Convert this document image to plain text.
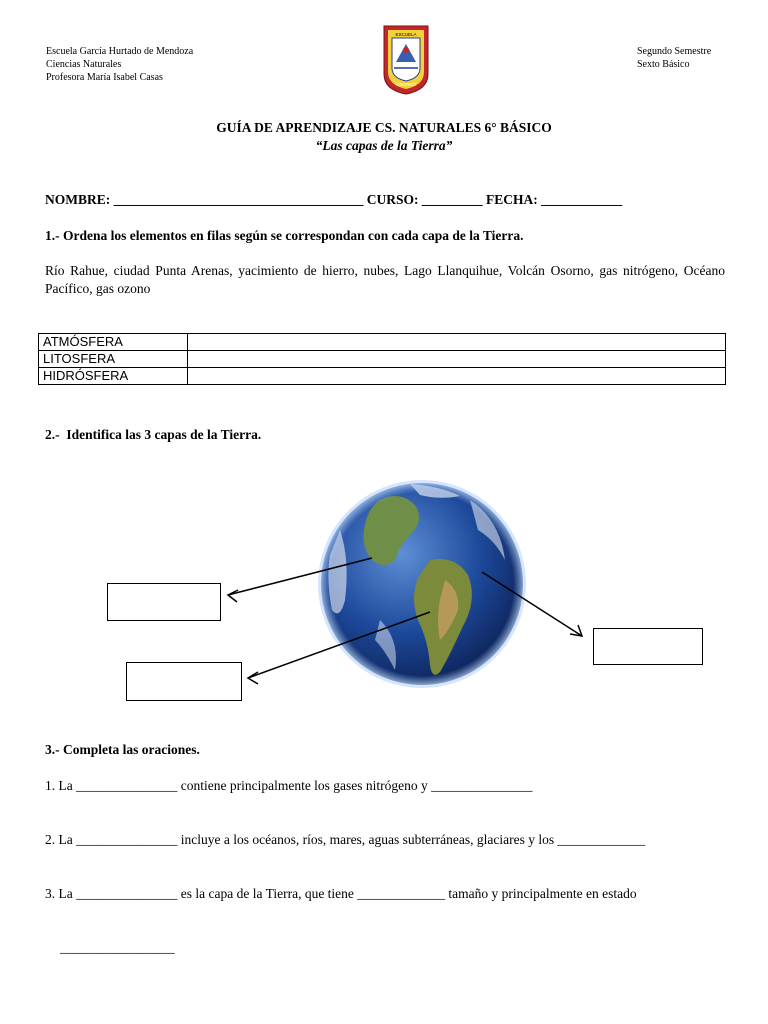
Escuela García Hurtado de Mendoza
Ciencias Naturales
Profesora María Isabel Casas
ESCUELA
OSORNO
Segundo Semestre
Sexto Básico
GUÍA DE APRENDIZAJE CS. NATURALES 6° BÁSICO
“Las capas de la Tierra”
NOMBRE: _____________________________________ CURSO: _________ FECHA: ____________
1.- Ordena los elementos en filas según se correspondan con cada capa de la Tierra.
Río Rahue, ciudad Punta Arenas, yacimiento de hierro, nubes, Lago Llanquihue, Volcán Osorno, gas nitrógeno, Océano Pacífico, gas ozono
ATMÓSFERA	
LITOSFERA	
HIDRÓSFERA	
2.-  Identifica las 3 capas de la Tierra.
3.- Completa las oraciones.
1. La _______________ contiene principalmente los gases nitrógeno y _______________
2. La _______________ incluye a los océanos, ríos, mares, aguas subterráneas, glaciares y los _____________
3. La _______________ es la capa de la Tierra, que tiene _____________ tamaño y principalmente en estado
_________________
